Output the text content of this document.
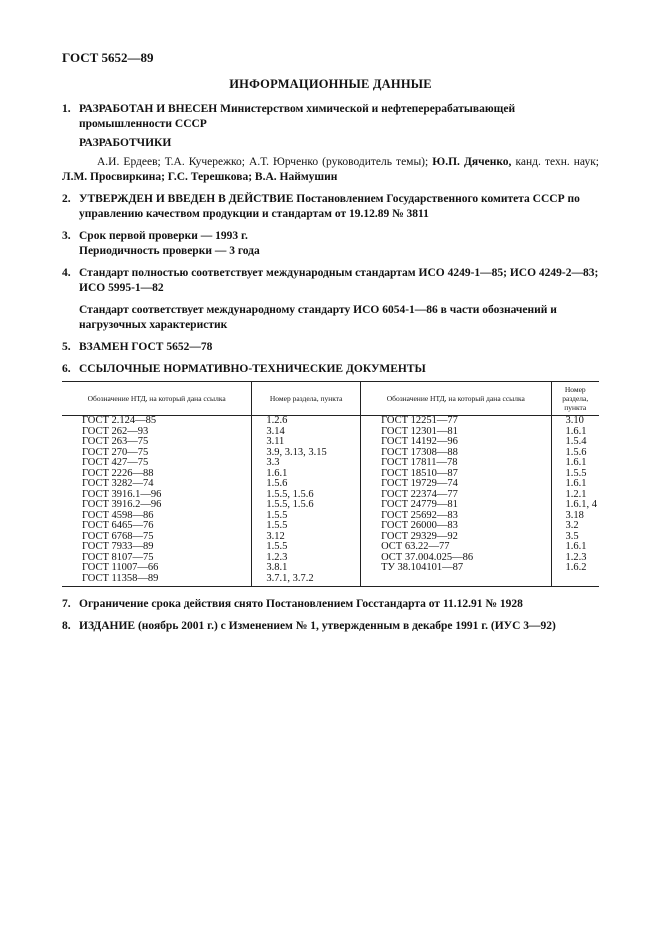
ГОСТ 5652—89
ИНФОРМАЦИОННЫЕ ДАННЫЕ
1. РАЗРАБОТАН И ВНЕСЕН Министерством химической и нефтеперерабатывающей промышленности СССР
РАЗРАБОТЧИКИ
А.И. Ердеев; Т.А. Кучережко; А.Т. Юрченко (руководитель темы); Ю.П. Дяченко, канд. техн. наук; Л.М. Просвиркина; Г.С. Терешкова; В.А. Наймушин
2. УТВЕРЖДЕН И ВВЕДЕН В ДЕЙСТВИЕ Постановлением Государственного комитета СССР по управлению качеством продукции и стандартам от 19.12.89 № 3811
3. Срок первой проверки — 1993 г.
Периодичность проверки — 3 года
4. Стандарт полностью соответствует международным стандартам ИСО 4249-1—85; ИСО 4249-2—83; ИСО 5995-1—82
Стандарт соответствует международному стандарту ИСО 6054-1—86 в части обозначений и нагрузочных характеристик
5. ВЗАМЕН ГОСТ 5652—78
6. ССЫЛОЧНЫЕ НОРМАТИВНО-ТЕХНИЧЕСКИЕ ДОКУМЕНТЫ
Обозначение НТД, на который дана ссылка	Номер раздела, пункта	Обозначение НТД, на который дана ссылка	Номер раздела, пункта
ГОСТ 2.124—85	1.2.6	ГОСТ 12251—77	3.10
ГОСТ 262—93	3.14	ГОСТ 12301—81	1.6.1
ГОСТ 263—75	3.11	ГОСТ 14192—96	1.5.4
ГОСТ 270—75	3.9, 3.13, 3.15	ГОСТ 17308—88	1.5.6
ГОСТ 427—75	3.3	ГОСТ 17811—78	1.6.1
ГОСТ 2226—88	1.6.1	ГОСТ 18510—87	1.5.5
ГОСТ 3282—74	1.5.6	ГОСТ 19729—74	1.6.1
ГОСТ 3916.1—96	1.5.5, 1.5.6	ГОСТ 22374—77	1.2.1
ГОСТ 3916.2—96	1.5.5, 1.5.6	ГОСТ 24779—81	1.6.1, 4
ГОСТ 4598—86	1.5.5	ГОСТ 25692—83	3.18
ГОСТ 6465—76	1.5.5	ГОСТ 26000—83	3.2
ГОСТ 6768—75	3.12	ГОСТ 29329—92	3.5
ГОСТ 7933—89	1.5.5	ОСТ 63.22—77	1.6.1
ГОСТ 8107—75	1.2.3	ОСТ 37.004.025—86	1.2.3
ГОСТ 11007—66	3.8.1	ТУ 38.104101—87	1.6.2
ГОСТ 11358—89	3.7.1, 3.7.2		
7. Ограничение срока действия снято Постановлением Госстандарта от 11.12.91 № 1928
8. ИЗДАНИЕ (ноябрь 2001 г.) с Изменением № 1, утвержденным в декабре 1991 г. (ИУС 3—92)
